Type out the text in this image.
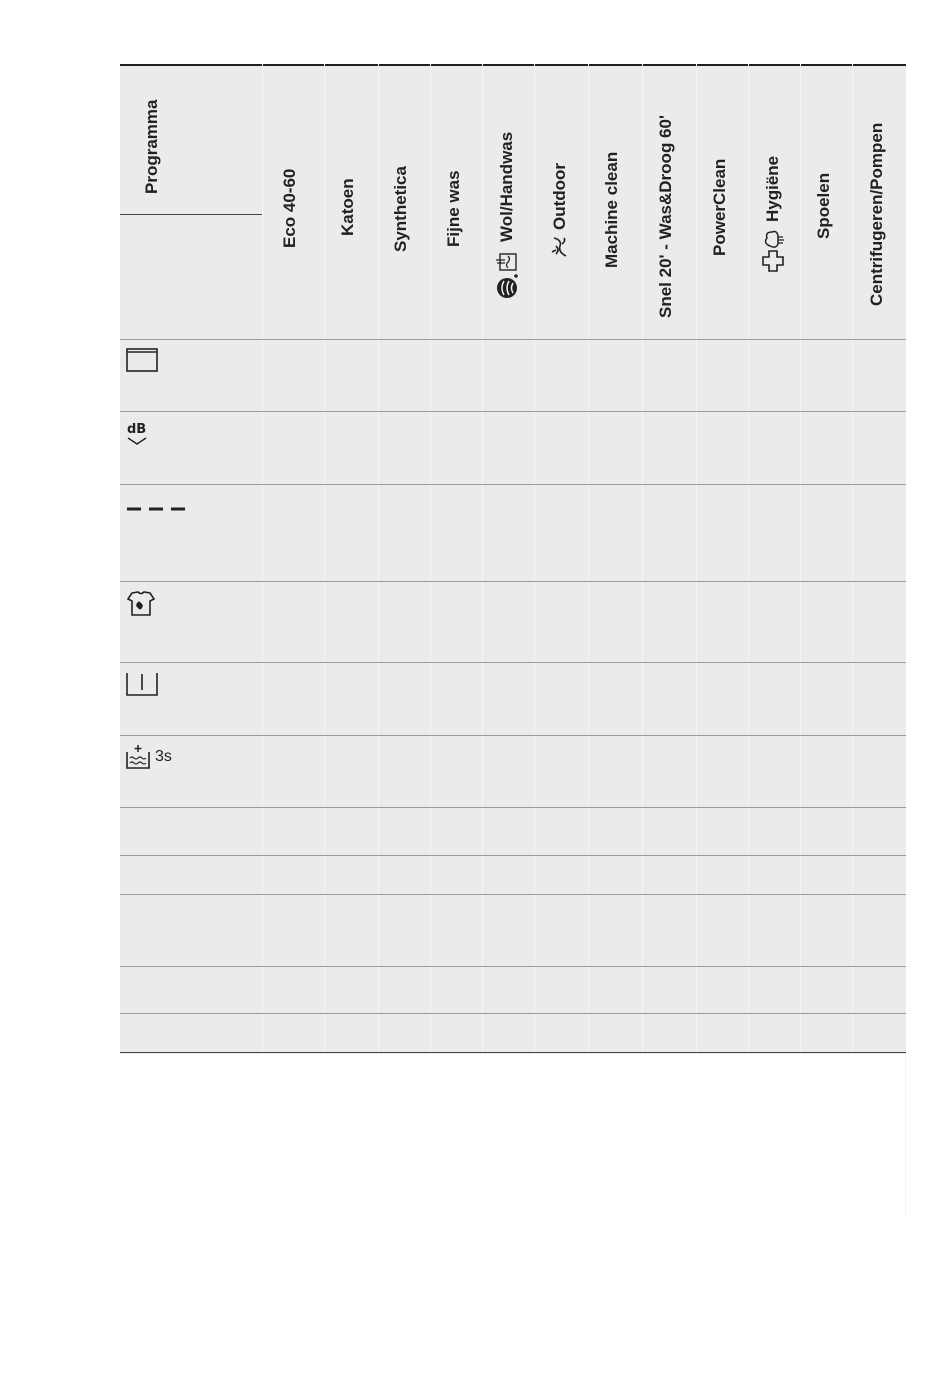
Programma
Eco 40-60 Katoen Synthetica Fijne was Wol/Handwas Outdoor Machine clean Snel 20' - Was&Droog 60' PowerClean Hygiëne Spoelen Centrifugeren/Pompen
dB
3s
